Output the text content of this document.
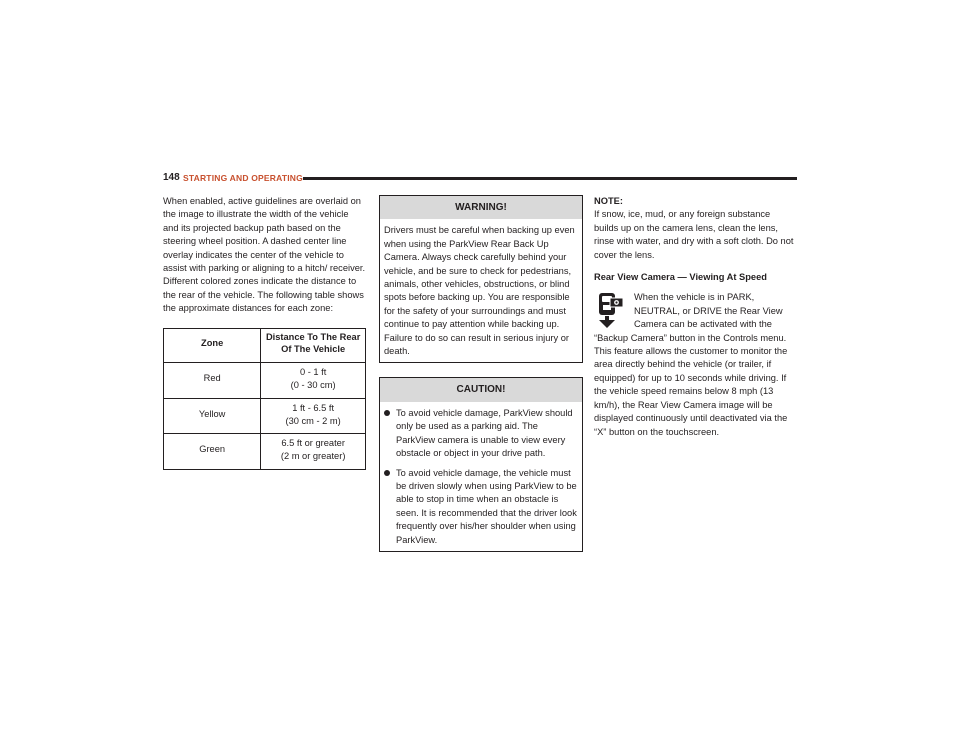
148 STARTING AND OPERATING

When enabled, active guidelines are overlaid on the image to illustrate the width of the vehicle and its projected backup path based on the steering wheel position. A dashed center line overlay indicates the center of the vehicle to assist with parking or aligning to a hitch/ receiver. Different colored zones indicate the distance to the rear of the vehicle. The following table shows the approximate distances for each zone:

Zone	Distance To The Rear
Of The Vehicle

Red	0 - 1 ft
(0 - 30 cm)

Yellow	1 ft - 6.5 ft
(30 cm - 2 m)

Green	6.5 ft or greater
(2 m or greater)
WARNING!
Drivers must be careful when backing up even when using the ParkView Rear Back Up Camera. Always check carefully behind your vehicle, and be sure to check for pedestrians, animals, other vehicles, obstructions, or blind spots before backing up. You are responsible for the safety of your surroundings and must continue to pay attention while backing up. Failure to do so can result in serious injury or death.
CAUTION!
To avoid vehicle damage, ParkView should only be used as a parking aid. The ParkView camera is unable to view every obstacle or object in your drive path.
To avoid vehicle damage, the vehicle must be driven slowly when using ParkView to be able to stop in time when an obstacle is seen. It is recommended that the driver look frequently over his/her shoulder when using ParkView.

NOTE:

If snow, ice, mud, or any foreign substance builds up on the camera lens, clean the lens, rinse with water, and dry with a soft cloth. Do not cover the lens.

Rear View Camera — Viewing At Speed

When the vehicle is in PARK, NEUTRAL, or DRIVE the Rear View Camera can be activated with the “Backup Camera” button in the Controls menu. This feature allows the customer to monitor the area directly behind the vehicle (or trailer, if equipped) for up to 10 seconds while driving. If the vehicle speed remains below 8 mph (13 km/h), the Rear View Camera image will be displayed continuously until deactivated via the “X” button on the touchscreen.
